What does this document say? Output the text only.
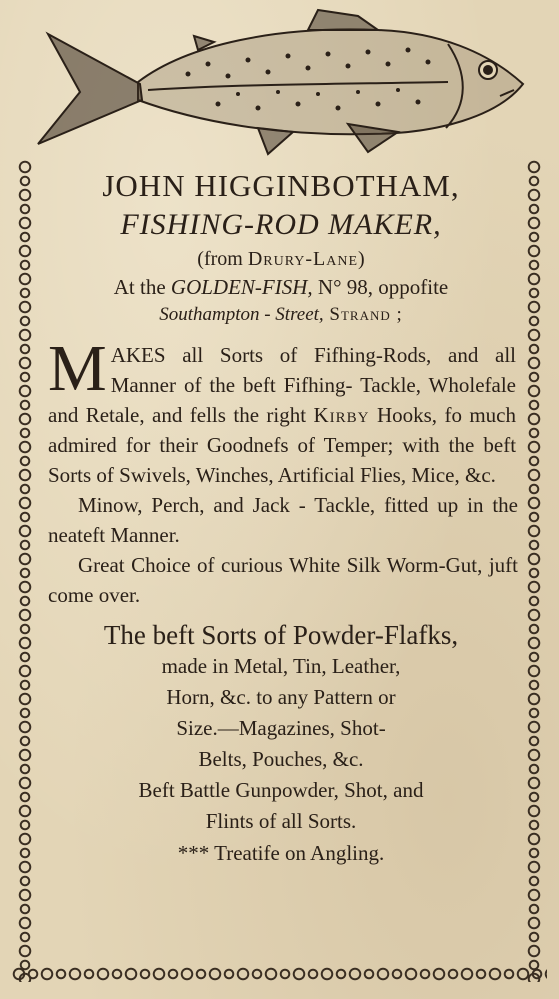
JOHN HIGGINBOTHAM,
FISHING-ROD MAKER,
(from Drury-Lane)
At the GOLDEN-FISH, N° 98, oppofite
Southampton - Street, Strand ;
M AKES all Sorts of Fifhing-Rods, and all Manner of the beft Fifhing- Tackle, Wholefale and Retale, and fells the right Kirby Hooks, fo much admired for their Goodnefs of Temper; with the beft Sorts of Swivels, Winches, Artificial Flies, Mice, &c.
Minow, Perch, and Jack - Tackle, fitted up in the neateft Manner.
Great Choice of curious White Silk Worm-Gut, juft come over.
The beft Sorts of Powder-Flafks,
made in Metal, Tin, Leather,
Horn, &c. to any Pattern or
Size.—Magazines, Shot-
Belts, Pouches, &c.
Beft Battle Gunpowder, Shot, and
Flints of all Sorts.
*** Treatife on Angling.
